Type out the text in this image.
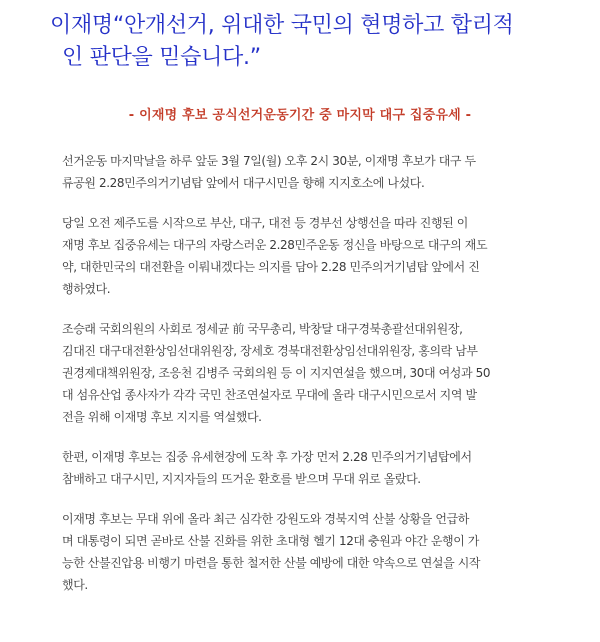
이재명“안개선거, 위대한 국민의 현명하고 합리적
인 판단을 믿습니다.”
- 이재명 후보 공식선거운동기간 중 마지막 대구 집중유세 -

선거운동 마지막날을 하루 앞둔 3월 7일(월) 오후 2시 30분, 이재명 후보가 대구 두
류공원 2.28민주의거기념탑 앞에서 대구시민을 향해 지지호소에 나섰다.

당일 오전 제주도를 시작으로 부산, 대구, 대전 등 경부선 상행선을 따라 진행된 이
재명 후보 집중유세는 대구의 자랑스러운 2.28민주운동 정신을 바탕으로 대구의 재도
약, 대한민국의 대전환을 이뤄내겠다는 의지를 담아 2.28 민주의거기념탑 앞에서 진
행하였다.

조승래 국회의원의 사회로 정세균 前 국무총리, 박창달 대구경북총괄선대위원장,
김대진 대구대전환상임선대위원장, 장세호 경북대전환상임선대위원장, 홍의락 남부
권경제대책위원장, 조응천 김병주 국회의원 등 이 지지연설을 했으며, 30대 여성과 50
대 섬유산업 종사자가 각각 국민 찬조연설자로 무대에 올라 대구시민으로서 지역 발
전을 위해 이재명 후보 지지를 역설했다.

한편, 이재명 후보는 집중 유세현장에 도착 후 가장 먼저 2.28 민주의거기념탑에서
참배하고 대구시민, 지지자들의 뜨거운 환호를 받으며 무대 위로 올랐다.

이재명 후보는 무대 위에 올라 최근 심각한 강원도와 경북지역 산불 상황을 언급하
며 대통령이 되면 곧바로 산불 진화를 위한 초대형 헬기 12대 충원과 야간 운행이 가
능한 산불진압용 비행기 마련을 통한 철저한 산불 예방에 대한 약속으로 연설을 시작
했다.
